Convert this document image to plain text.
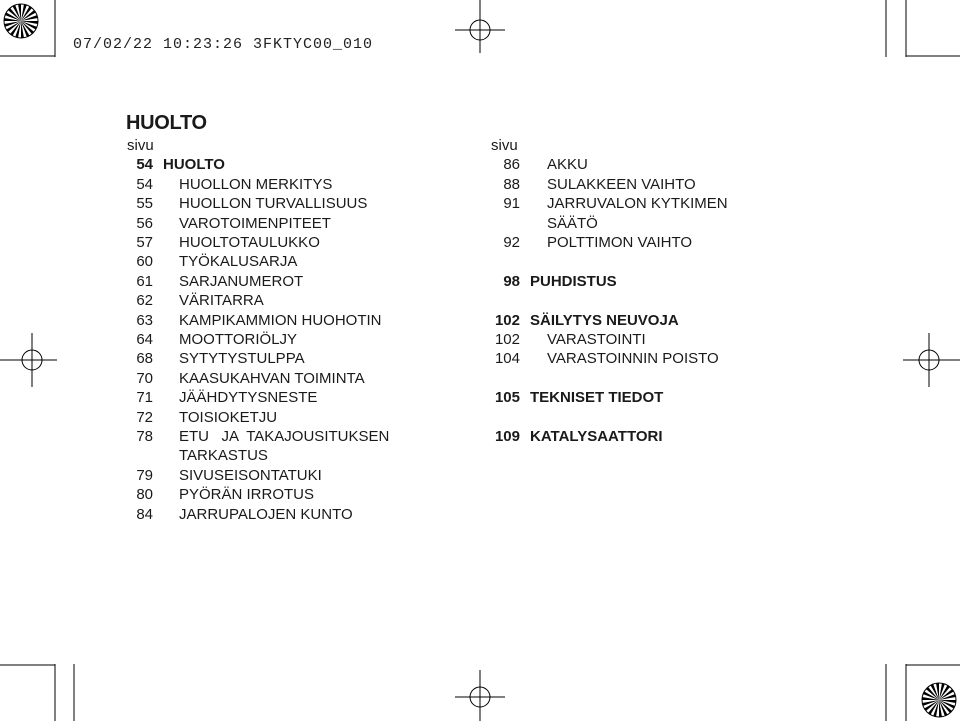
07/02/22 10:23:26 3FKTYC00_010
HUOLTO
sivu
54 HUOLTO
54	HUOLLON MERKITYS
55	HUOLLON TURVALLISUUS
56	VAROTOIMENPITEET
57	HUOLTOTAULUKKO
60	TYÖKALUSARJA
61	SARJANUMEROT
62	VÄRITARRA
63	KAMPIKAMMION HUOHOTIN
64	MOOTTORIÖLJY
68	SYTYTYSTULPPA
70	KAASUKAHVAN TOIMINTA
71	JÄÄHDYTYSNESTE
72	TOISIOKETJU
78	ETU   JA  TAKAJOUSITUKSEN
TARKASTUS
79	SIVUSEISONTATUKI
80	PYÖRÄN IRROTUS
84	JARRUPALOJEN KUNTO
sivu
86	AKKU
88	SULAKKEEN VAIHTO
91	JARRUVALON KYTKIMEN
SÄÄTÖ
92	POLTTIMON VAIHTO
98 PUHDISTUS
102 SÄILYTYS NEUVOJA
102	VARASTOINTI
104	VARASTOINNIN POISTO
105 TEKNISET TIEDOT
109 KATALYSAATTORI
